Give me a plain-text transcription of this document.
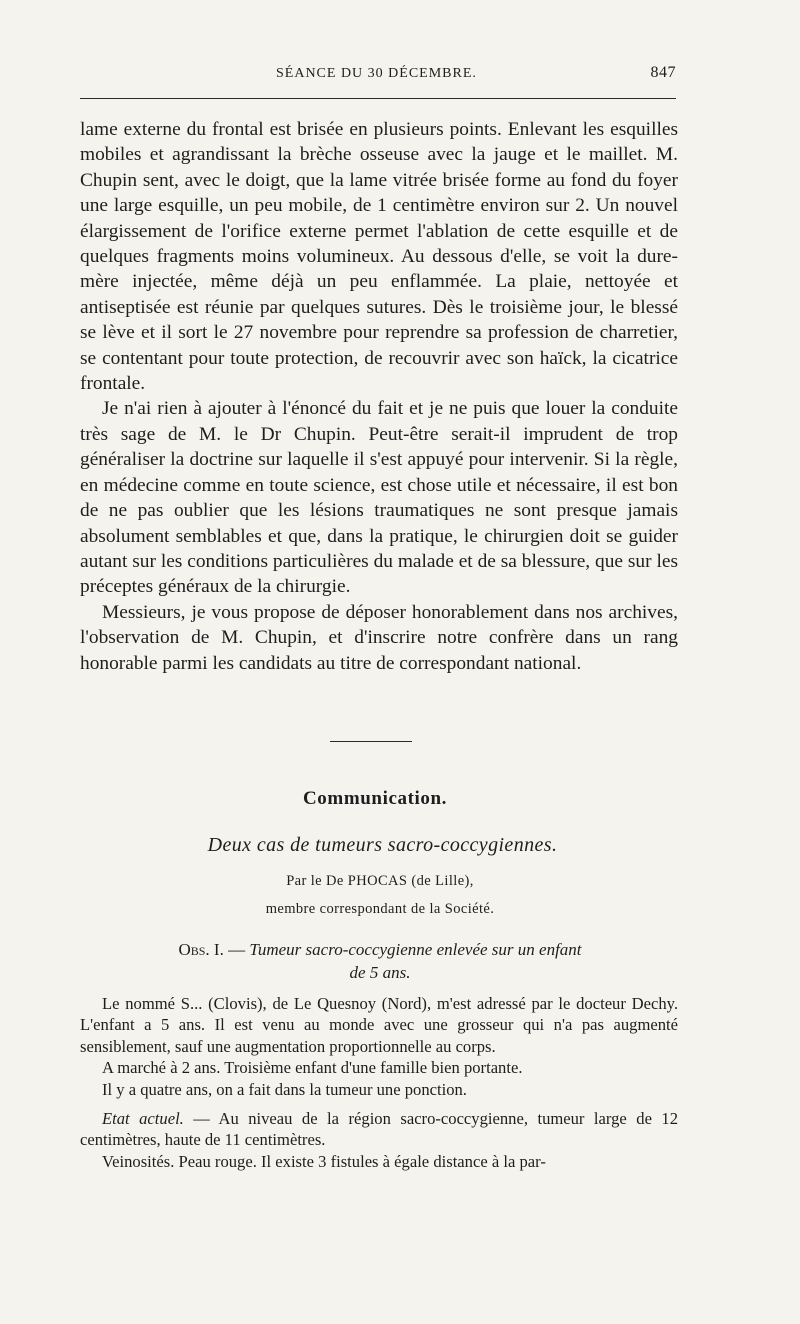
SÉANCE DU 30 DÉCEMBRE.	847

lame externe du frontal est brisée en plusieurs points. Enlevant les esquilles mobiles et agrandissant la brèche osseuse avec la jauge et le maillet. M. Chupin sent, avec le doigt, que la lame vitrée brisée forme au fond du foyer une large esquille, un peu mobile, de 1 centimètre environ sur 2. Un nouvel élargissement de l'orifice externe permet l'ablation de cette esquille et de quelques fragments moins volumineux. Au dessous d'elle, se voit la dure-mère injectée, même déjà un peu enflammée. La plaie, nettoyée et antiseptisée est réunie par quelques sutures. Dès le troisième jour, le blessé se lève et il sort le 27 novembre pour reprendre sa profession de charretier, se contentant pour toute protection, de recouvrir avec son haïck, la cicatrice frontale.

Je n'ai rien à ajouter à l'énoncé du fait et je ne puis que louer la conduite très sage de M. le Dr Chupin. Peut-être serait-il imprudent de trop généraliser la doctrine sur laquelle il s'est appuyé pour intervenir. Si la règle, en médecine comme en toute science, est chose utile et nécessaire, il est bon de ne pas oublier que les lésions traumatiques ne sont presque jamais absolument semblables et que, dans la pratique, le chirurgien doit se guider autant sur les conditions particulières du malade et de sa blessure, que sur les préceptes généraux de la chirurgie.

Messieurs, je vous propose de déposer honorablement dans nos archives, l'observation de M. Chupin, et d'inscrire notre confrère dans un rang honorable parmi les candidats au titre de correspondant national.

Communication.
Deux cas de tumeurs sacro-coccygiennes.
Par le De PHOCAS (de Lille),
membre correspondant de la Société.
Obs. I. — Tumeur sacro-coccygienne enlevée sur un enfant
de 5 ans.

Le nommé S... (Clovis), de Le Quesnoy (Nord), m'est adressé par le docteur Dechy. L'enfant a 5 ans. Il est venu au monde avec une grosseur qui n'a pas augmenté sensiblement, sauf une augmentation proportionnelle au corps.

A marché à 2 ans. Troisième enfant d'une famille bien portante.

Il y a quatre ans, on a fait dans la tumeur une ponction.

Etat actuel. — Au niveau de la région sacro-coccygienne, tumeur large de 12 centimètres, haute de 11 centimètres.

Veinosités. Peau rouge. Il existe 3 fistules à égale distance à la par-
